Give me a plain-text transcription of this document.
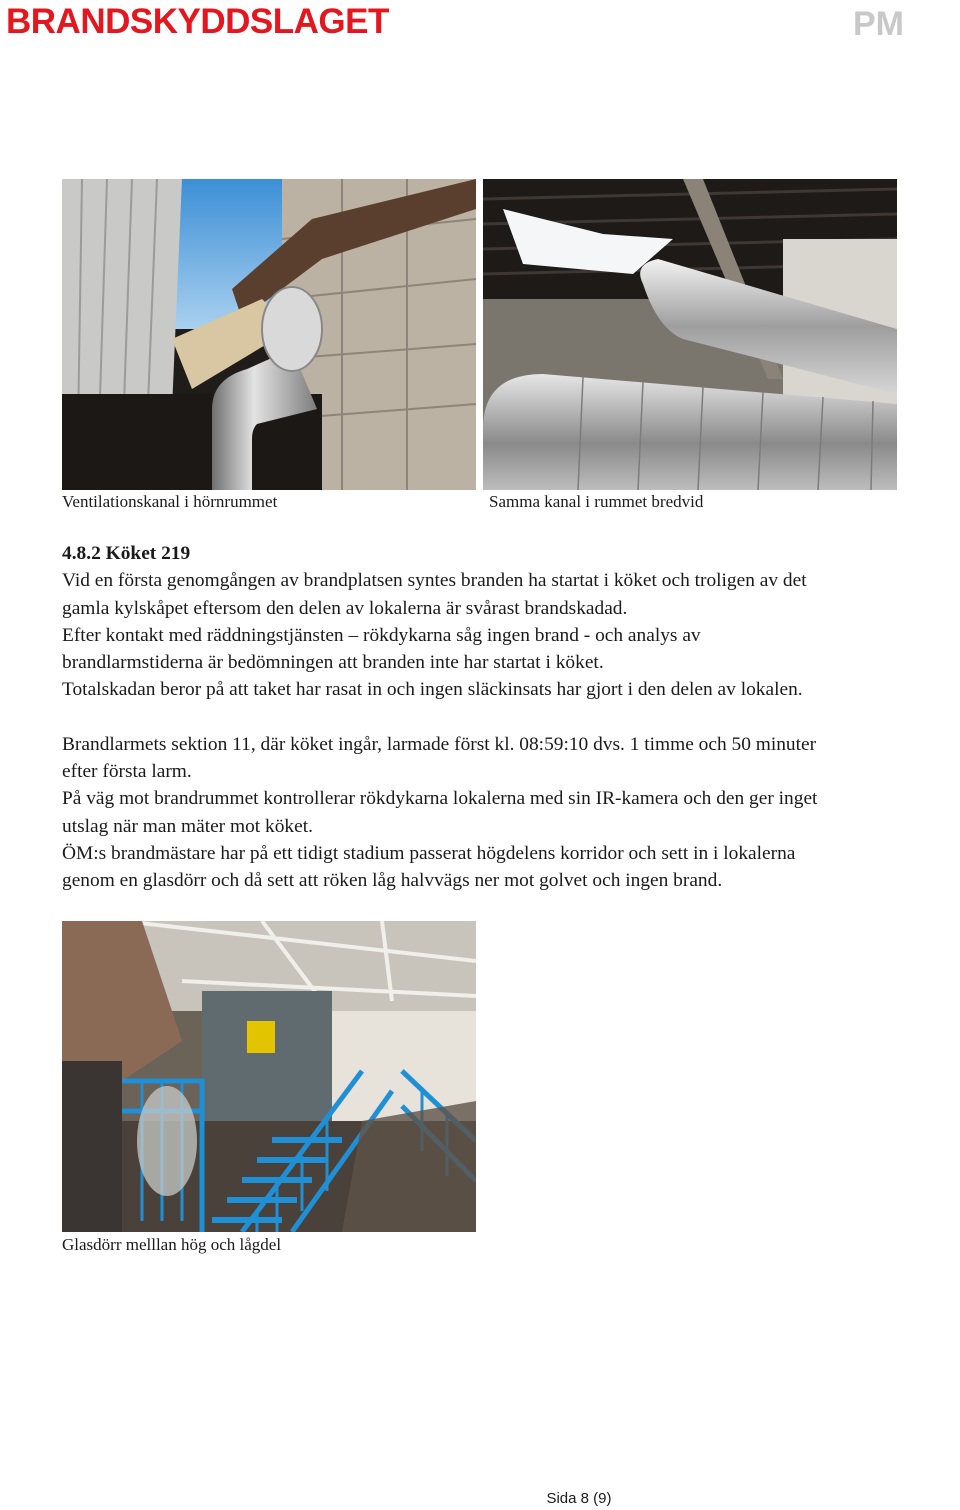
BRANDSKYDDSLAGET	PM
Ventilationskanal i hörnrummet	Samma kanal i rummet bredvid

4.8.2 Köket 219

Vid en första genomgången av brandplatsen syntes branden ha startat i köket och troligen av det

gamla kylskåpet eftersom den delen av lokalerna är svårast brandskadad.

Efter kontakt med räddningstjänsten – rökdykarna såg ingen brand - och analys av

brandlarmstiderna är bedömningen att branden inte har startat i köket.

Totalskadan beror på att taket har rasat in och ingen släckinsats har gjort i den delen av lokalen.

Brandlarmets sektion 11, där köket ingår, larmade först kl. 08:59:10 dvs. 1 timme och 50 minuter

efter första larm.

På väg mot brandrummet kontrollerar rökdykarna lokalerna med sin IR-kamera och den ger inget

utslag när man mäter mot köket.

ÖM:s brandmästare har på ett tidigt stadium passerat högdelens korridor och sett in i lokalerna

genom en glasdörr och då sett att röken låg halvvägs ner mot golvet och ingen brand.

Glasdörr melllan hög och lågdel
Sida 8 (9)
